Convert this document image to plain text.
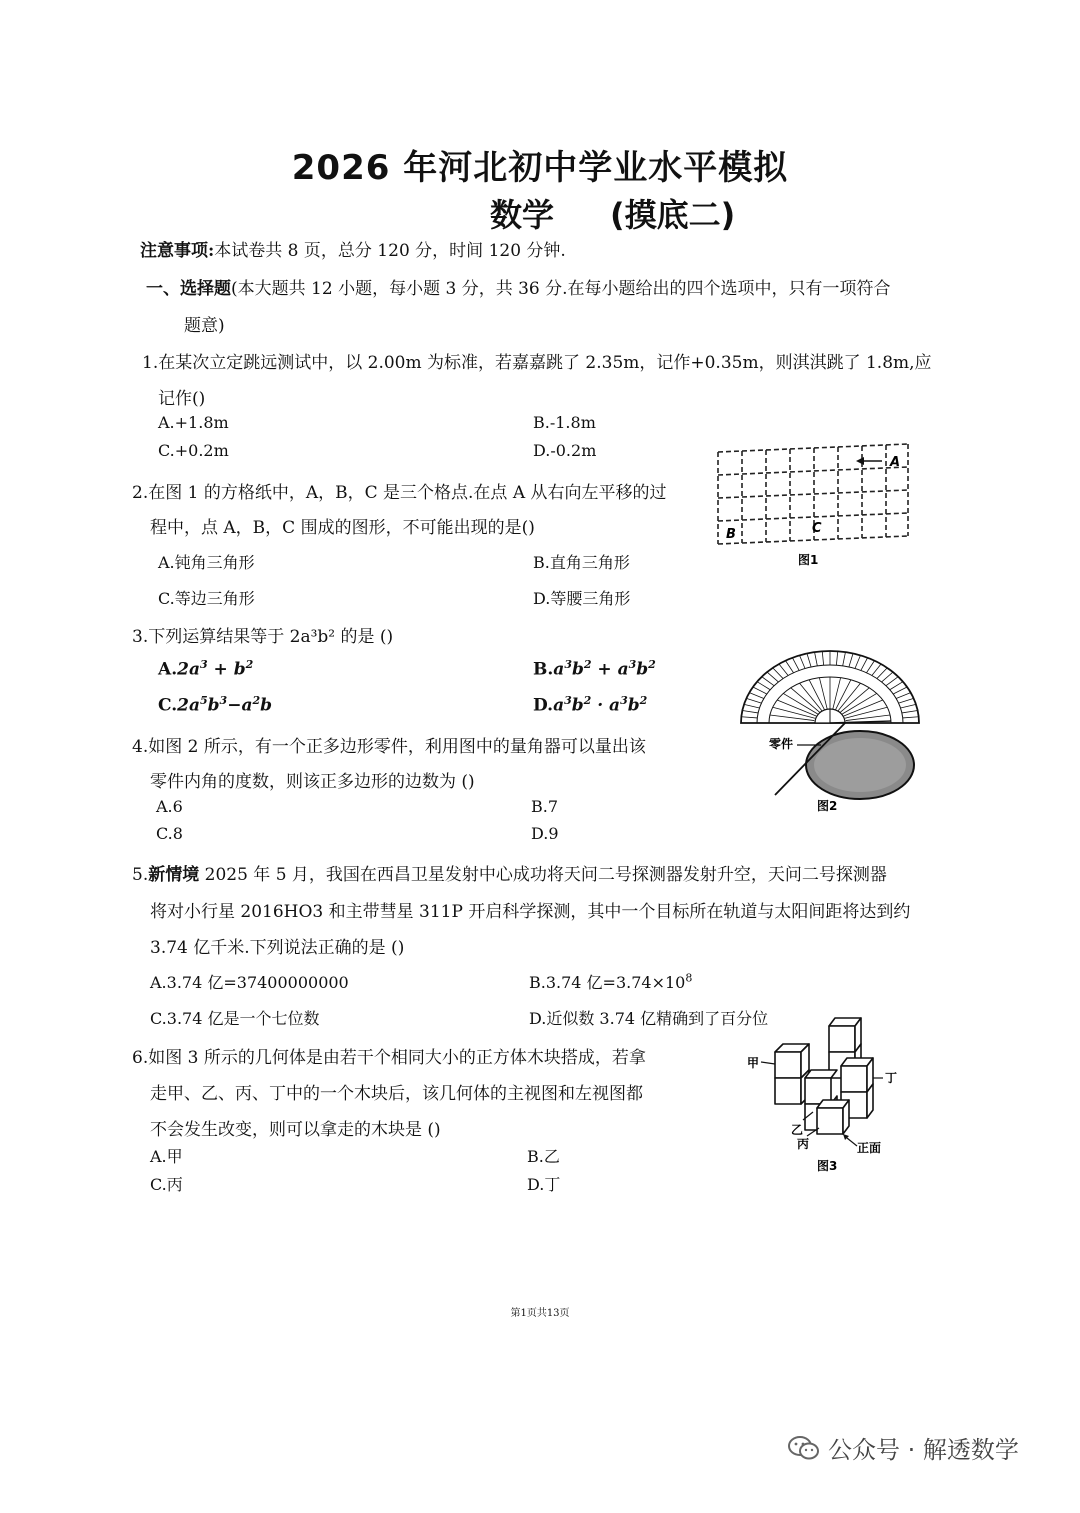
2026 年河北初中学业水平模拟
数学 (摸底二)
注意事项:本试卷共 8 页，总分 120 分，时间 120 分钟.
一、选择题(本大题共 12 小题，每小题 3 分，共 36 分.在每小题给出的四个选项中，只有一项符合
题意)
1.在某次立定跳远测试中，以 2.00m 为标准，若嘉嘉跳了 2.35m，记作+0.35m，则淇淇跳了 1.8m,应
记作()
A.+1.8m	B.-1.8m
C.+0.2m	D.-0.2m
2.在图 1 的方格纸中，A，B，C 是三个格点.在点 A 从右向左平移的过
程中，点 A，B，C 围成的图形，不可能出现的是()
A.钝角三角形	B.直角三角形
C.等边三角形	D.等腰三角形
A
B	C
图1
3.下列运算结果等于 2a³b² 的是 ()
$A.2a^3 + b^2$	$B.a^3b^2 + a^3b^2$
$C.2a^5b^3-a^2b$	$D.a^3b^2 \cdot a^3b^2$
零件
图2
4.如图 2 所示，有一个正多边形零件，利用图中的量角器可以量出该
零件内角的度数，则该正多边形的边数为 ()
A.6	B.7
C.8	D.9
5.新情境 2025 年 5 月，我国在西昌卫星发射中心成功将天问二号探测器发射升空，天问二号探测器
将对小行星 2016HO3 和主带彗星 311P 开启科学探测，其中一个目标所在轨道与太阳间距将达到约
3.74 亿千米.下列说法正确的是 ()
A.3.74 亿=37400000000	B.3.74 亿$=3.74\times 10^8$
C.3.74 亿是一个七位数	D.近似数 3.74 亿精确到了百分位
6.如图 3 所示的几何体是由若干个相同大小的正方体木块搭成，若拿
走甲、乙、丙、丁中的一个木块后，该几何体的主视图和左视图都
不会发生改变，则可以拿走的木块是 ()
A.甲	B.乙
C.丙	D.丁
甲
乙
丙
丁
正面
图3
第1页共13页
公众号 · 解透数学
